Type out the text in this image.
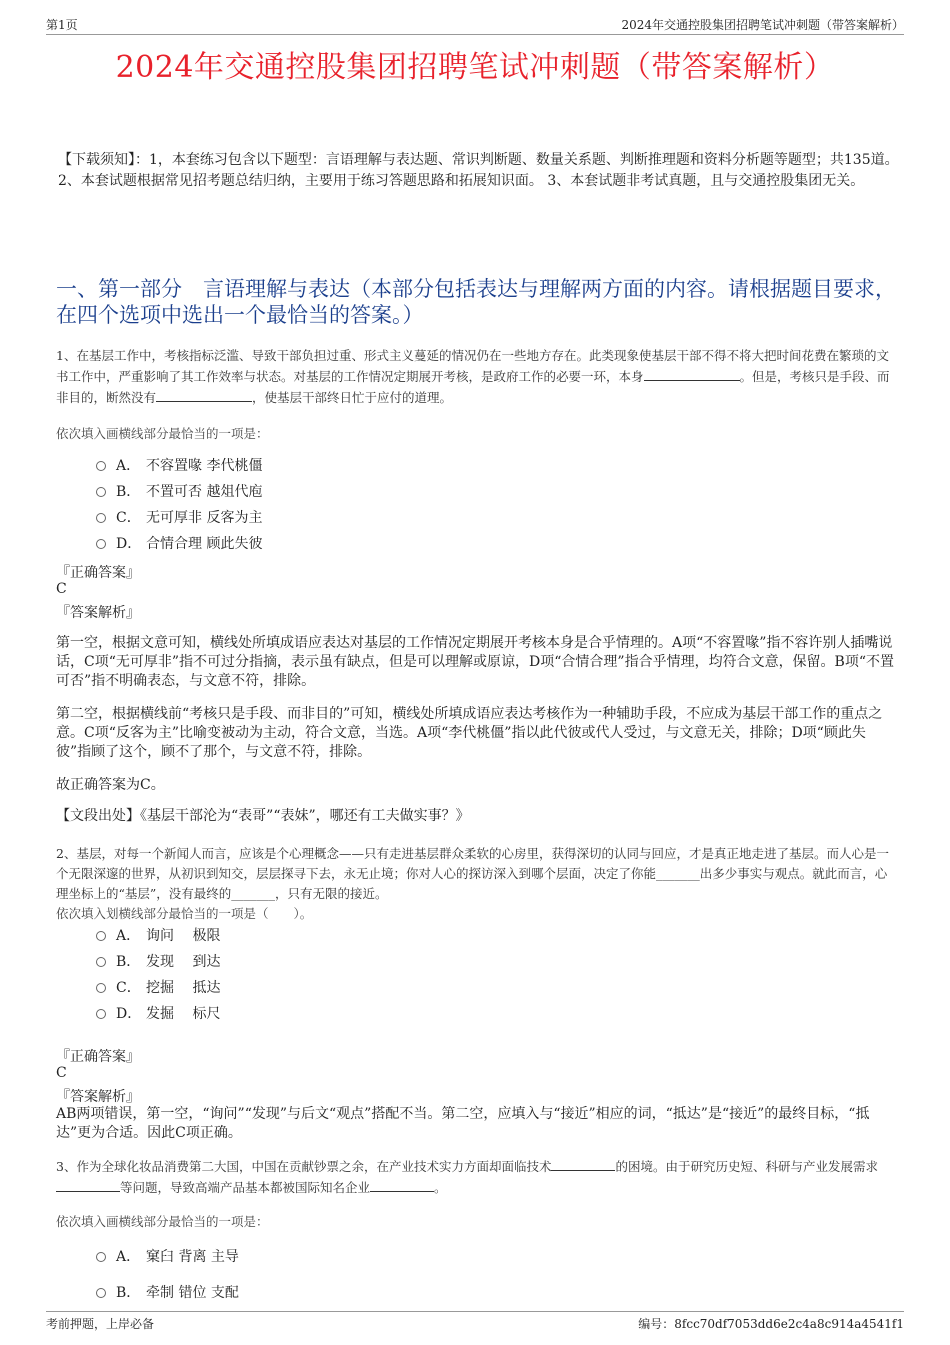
第1页	2024年交通控股集团招聘笔试冲刺题（带答案解析）
2024年交通控股集团招聘笔试冲刺题（带答案解析）
【下载须知】：1，本套练习包含以下题型：言语理解与表达题、常识判断题、数量关系题、判断推理题和资料分析题等题型；共135道。 2、本套试题根据常见招考题总结归纳，主要用于练习答题思路和拓展知识面。 3、本套试题非考试真题，且与交通控股集团无关。
一、第一部分　言语理解与表达（本部分包括表达与理解两方面的内容。请根据题目要求，在四个选项中选出一个最恰当的答案。）
1、在基层工作中，考核指标泛滥、导致干部负担过重、形式主义蔓延的情况仍在一些地方存在。此类现象使基层干部不得不将大把时间花费在繁琐的文书工作中，严重影响了其工作效率与状态。对基层的工作情况定期展开考核，是政府工作的必要一环，本身	。但是，考核只是手段、而非目的，断然没有	，使基层干部终日忙于应付的道理。
依次填入画横线部分最恰当的一项是：
A． 不容置喙 李代桃僵
B． 不置可否 越俎代庖
C． 无可厚非 反客为主
D． 合情合理 顾此失彼
『正确答案』
C
『答案解析』
第一空，根据文意可知，横线处所填成语应表达对基层的工作情况定期展开考核本身是合乎情理的。A项“不容置喙”指不容许别人插嘴说话，C项“无可厚非”指不可过分指摘，表示虽有缺点，但是可以理解或原谅，D项“合情合理”指合乎情理，均符合文意，保留。B项“不置可否”指不明确表态，与文意不符，排除。
第二空，根据横线前“考核只是手段、而非目的”可知，横线处所填成语应表达考核作为一种辅助手段，不应成为基层干部工作的重点之意。C项“反客为主”比喻变被动为主动，符合文意，当选。A项“李代桃僵”指以此代彼或代人受过，与文意无关，排除；D项“顾此失彼”指顾了这个，顾不了那个，与文意不符，排除。
故正确答案为C。
【文段出处】《基层干部沦为“表哥”“表妹”，哪还有工夫做实事？》
2、基层，对每一个新闻人而言，应该是个心理概念——只有走进基层群众柔软的心房里，获得深切的认同与回应，才是真正地走进了基层。而人心是一个无限深邃的世界，从初识到知交，层层探寻下去，永无止境；你对人心的探访深入到哪个层面，决定了你能_______出多少事实与观点。就此而言，心理坐标上的“基层”，没有最终的_______，只有无限的接近。
依次填入划横线部分最恰当的一项是（　　）。
A． 询问　 极限
B． 发现　 到达
C． 挖掘　 抵达
D． 发掘　 标尺
『正确答案』
C
『答案解析』
AB两项错误，第一空，“询问”“发现”与后文“观点”搭配不当。第二空，应填入与“接近”相应的词，“抵达”是“接近”的最终目标，“抵达”更为合适。因此C项正确。
3、作为全球化妆品消费第二大国，中国在贡献钞票之余，在产业技术实力方面却面临技术	的困境。由于研究历史短、科研与产业发展需求等问题，导致高端产品基本都被国际知名企业	。
依次填入画横线部分最恰当的一项是：
A． 窠臼 背离 主导
B． 牵制 错位 支配
考前押题，上岸必备	编号：8fcc70df7053dd6e2c4a8c914a4541f1
